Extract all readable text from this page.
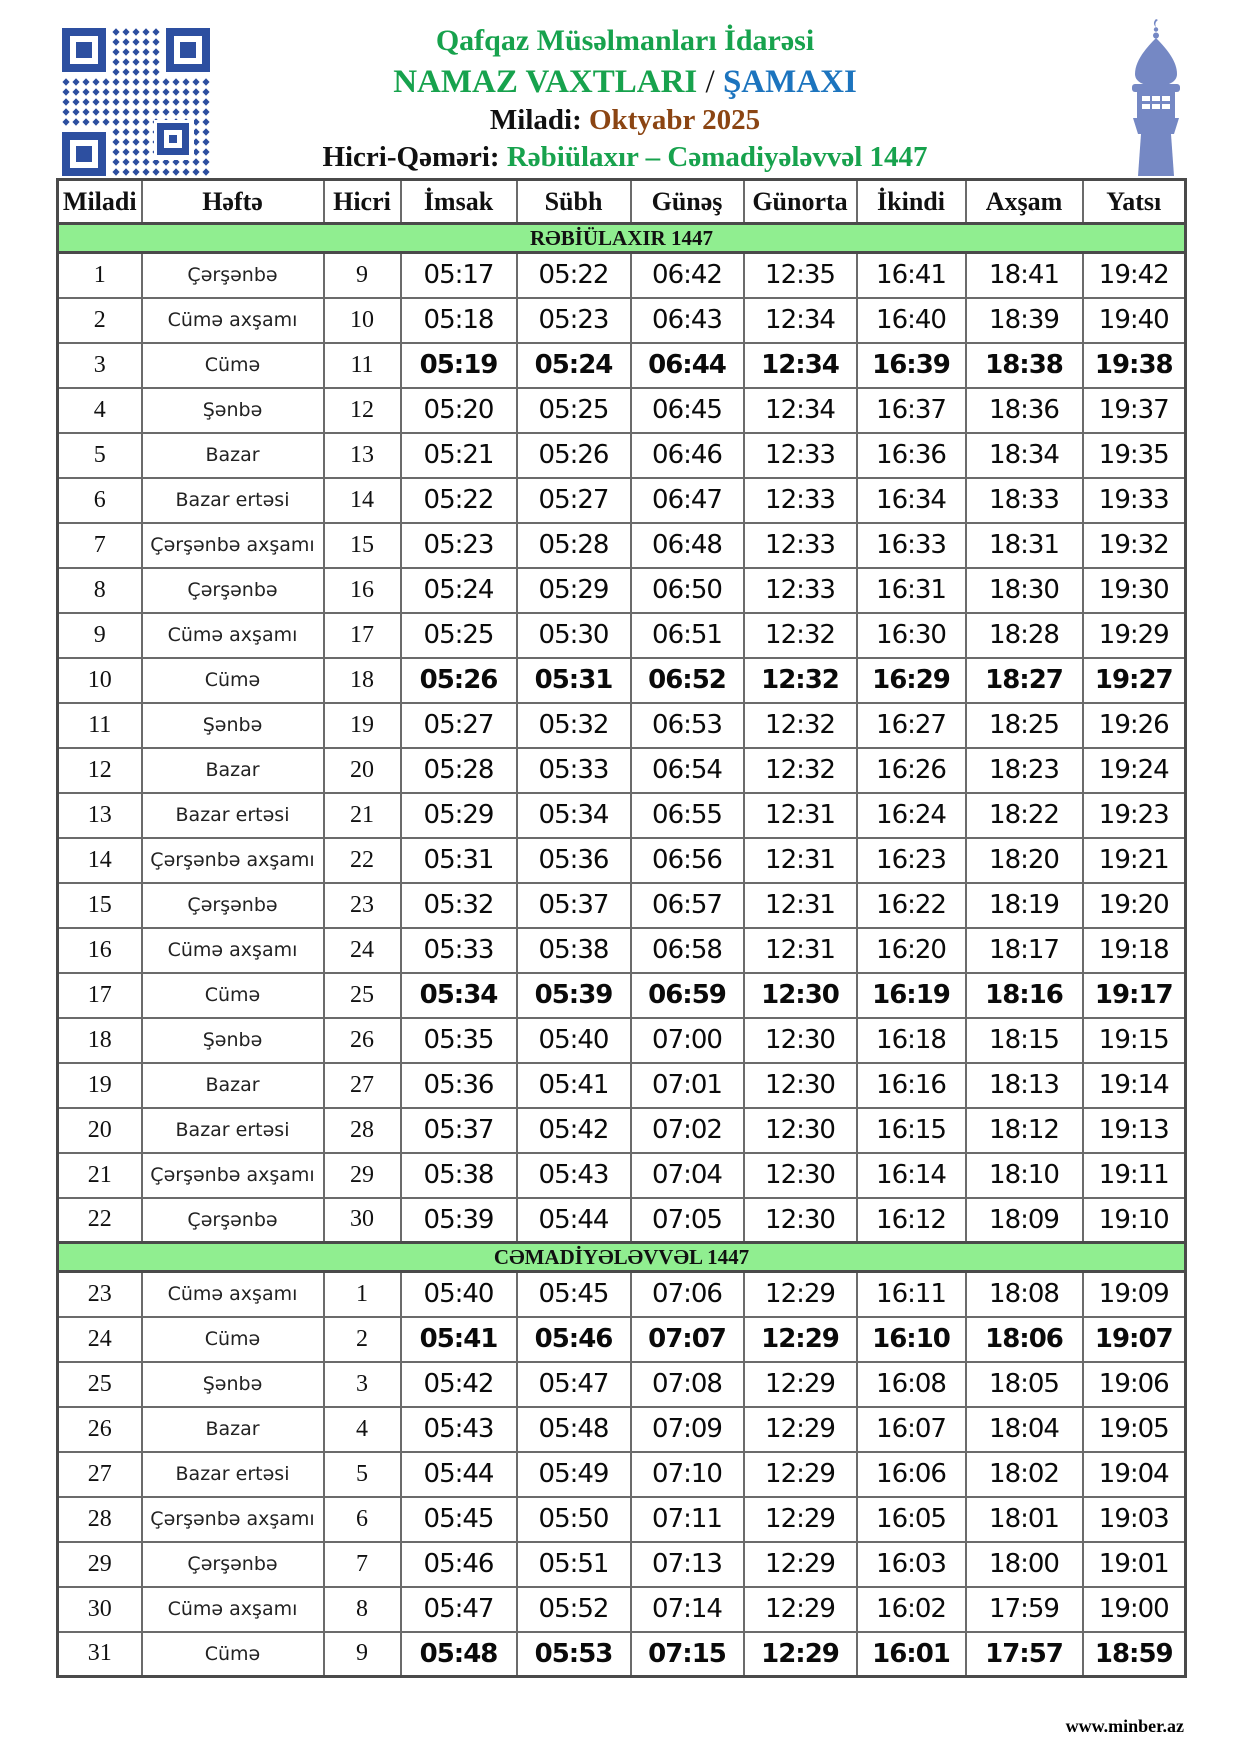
Qafqaz Müsəlmanları İdarəsi
NAMAZ VAXTLARI / ŞAMAXI
Miladi: Oktyabr 2025
Hicri-Qəməri: Rəbiülaxır – Cəmadiyələvvəl 1447
Miladi	Həftə	Hicri	İmsak	Sübh	Günəş	Günorta	İkindi	Axşam	Yatsı
RƏBİÜLAXIR 1447									
1	Çərşənbə	9	05:17	05:22	06:42	12:35	16:41	18:41	19:42
2	Cümə axşamı	10	05:18	05:23	06:43	12:34	16:40	18:39	19:40
3	Cümə	11	05:19	05:24	06:44	12:34	16:39	18:38	19:38
4	Şənbə	12	05:20	05:25	06:45	12:34	16:37	18:36	19:37
5	Bazar	13	05:21	05:26	06:46	12:33	16:36	18:34	19:35
6	Bazar ertəsi	14	05:22	05:27	06:47	12:33	16:34	18:33	19:33
7	Çərşənbə axşamı	15	05:23	05:28	06:48	12:33	16:33	18:31	19:32
8	Çərşənbə	16	05:24	05:29	06:50	12:33	16:31	18:30	19:30
9	Cümə axşamı	17	05:25	05:30	06:51	12:32	16:30	18:28	19:29
10	Cümə	18	05:26	05:31	06:52	12:32	16:29	18:27	19:27
11	Şənbə	19	05:27	05:32	06:53	12:32	16:27	18:25	19:26
12	Bazar	20	05:28	05:33	06:54	12:32	16:26	18:23	19:24
13	Bazar ertəsi	21	05:29	05:34	06:55	12:31	16:24	18:22	19:23
14	Çərşənbə axşamı	22	05:31	05:36	06:56	12:31	16:23	18:20	19:21
15	Çərşənbə	23	05:32	05:37	06:57	12:31	16:22	18:19	19:20
16	Cümə axşamı	24	05:33	05:38	06:58	12:31	16:20	18:17	19:18
17	Cümə	25	05:34	05:39	06:59	12:30	16:19	18:16	19:17
18	Şənbə	26	05:35	05:40	07:00	12:30	16:18	18:15	19:15
19	Bazar	27	05:36	05:41	07:01	12:30	16:16	18:13	19:14
20	Bazar ertəsi	28	05:37	05:42	07:02	12:30	16:15	18:12	19:13
21	Çərşənbə axşamı	29	05:38	05:43	07:04	12:30	16:14	18:10	19:11
22	Çərşənbə	30	05:39	05:44	07:05	12:30	16:12	18:09	19:10
CƏMADİYƏLƏVVƏL 1447									
23	Cümə axşamı	1	05:40	05:45	07:06	12:29	16:11	18:08	19:09
24	Cümə	2	05:41	05:46	07:07	12:29	16:10	18:06	19:07
25	Şənbə	3	05:42	05:47	07:08	12:29	16:08	18:05	19:06
26	Bazar	4	05:43	05:48	07:09	12:29	16:07	18:04	19:05
27	Bazar ertəsi	5	05:44	05:49	07:10	12:29	16:06	18:02	19:04
28	Çərşənbə axşamı	6	05:45	05:50	07:11	12:29	16:05	18:01	19:03
29	Çərşənbə	7	05:46	05:51	07:13	12:29	16:03	18:00	19:01
30	Cümə axşamı	8	05:47	05:52	07:14	12:29	16:02	17:59	19:00
31	Cümə	9	05:48	05:53	07:15	12:29	16:01	17:57	18:59
www.minber.az
